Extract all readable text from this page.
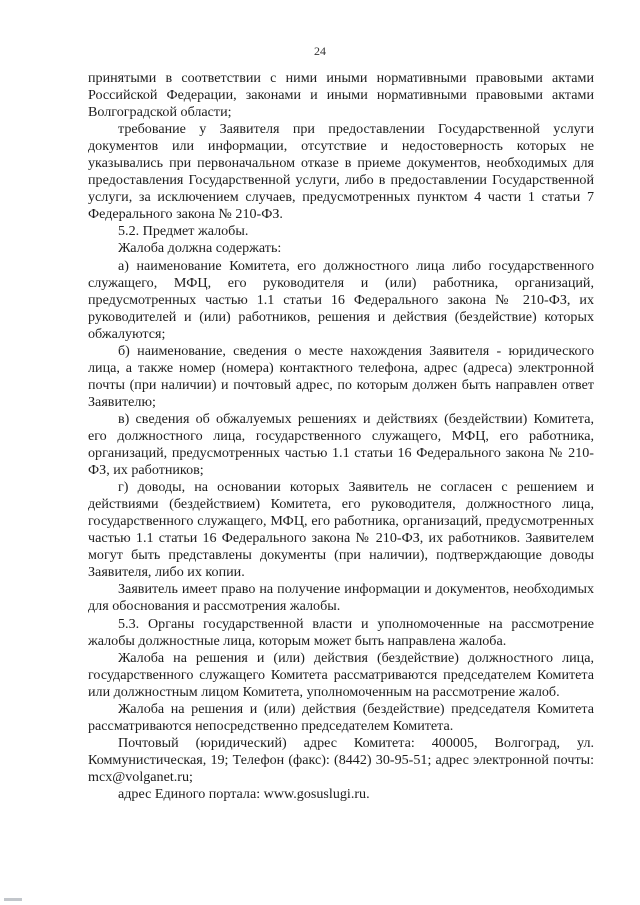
24

принятыми в соответствии с ними иными нормативными правовыми актами Российской Федерации, законами и иными нормативными правовыми актами Волгоградской области;

требование у Заявителя при предоставлении Государственной услуги документов или информации, отсутствие и недостоверность которых не указывались при первоначальном отказе в приеме документов, необходимых для предоставления Государственной услуги, либо в предоставлении Государственной услуги, за исключением случаев, предусмотренных пунктом 4 части 1 статьи 7 Федерального закона № 210-ФЗ.

5.2. Предмет жалобы.

Жалоба должна содержать:

а) наименование Комитета, его должностного лица либо государственного служащего, МФЦ, его руководителя и (или) работника, организаций, предусмотренных частью 1.1 статьи 16 Федерального закона № 210-ФЗ, их руководителей и (или) работников, решения и действия (бездействие) которых обжалуются;

б) наименование, сведения о месте нахождения Заявителя - юридического лица, а также номер (номера) контактного телефона, адрес (адреса) электронной почты (при наличии) и почтовый адрес, по которым должен быть направлен ответ Заявителю;

в) сведения об обжалуемых решениях и действиях (бездействии) Комитета, его должностного лица, государственного служащего, МФЦ, его работника, организаций, предусмотренных частью 1.1 статьи 16 Федерального закона № 210-ФЗ, их работников;

г) доводы, на основании которых Заявитель не согласен с решением и действиями (бездействием) Комитета, его руководителя, должностного лица, государственного служащего, МФЦ, его работника, организаций, предусмотренных частью 1.1 статьи 16 Федерального закона № 210-ФЗ, их работников. Заявителем могут быть представлены документы (при наличии), подтверждающие доводы Заявителя, либо их копии.

Заявитель имеет право на получение информации и документов, необходимых для обоснования и рассмотрения жалобы.

5.3. Органы государственной власти и уполномоченные на рассмотрение жалобы должностные лица, которым может быть направлена жалоба.

Жалоба на решения и (или) действия (бездействие) должностного лица, государственного служащего Комитета рассматриваются председателем Комитета или должностным лицом Комитета, уполномоченным на рассмотрение жалоб.

Жалоба на решения и (или) действия (бездействие) председателя Комитета рассматриваются непосредственно председателем Комитета.

Почтовый (юридический) адрес Комитета: 400005, Волгоград, ул. Коммунистическая, 19; Телефон (факс): (8442) 30-95-51; адрес электронной почты: mcx@volganet.ru;

адрес Единого портала: www.gosuslugi.ru.
